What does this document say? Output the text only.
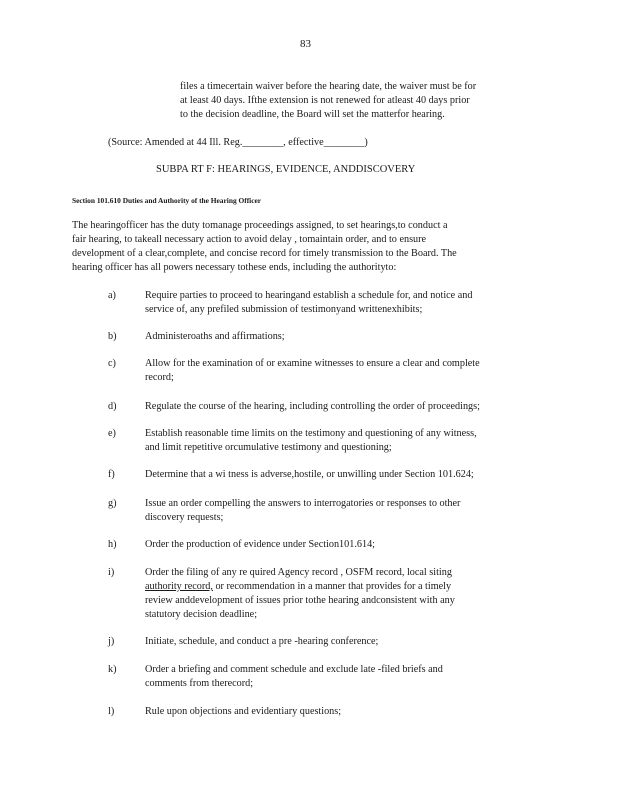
83
files a timecertain waiver before the hearing date, the waiver must be for
at least 40 days. Ifthe extension is not renewed for atleast 40 days prior
to the decision deadline, the Board will set the matterfor hearing.
(Source: Amended at 44 Ill. Reg.________, effective________)
SUBPA RT F: HEARINGS, EVIDENCE, ANDDISCOVERY
Section 101.610 Duties and Authority of the Hearing Officer
The hearingofficer has the duty tomanage proceedings assigned, to set hearings,to conduct a
fair hearing, to takeall necessary action to avoid delay , tomaintain order, and to ensure
development of a clear,complete, and concise record for timely transmission to the Board. The
hearing officer has all powers necessary tothese ends, including the authorityto:
a)	Require parties to proceed to hearingand establish a schedule for, and notice and
service of, any prefiled submission of testimonyand writtenexhibits;
b)	Administeroaths and affirmations;
c)	Allow for the examination of or examine witnesses to ensure a clear and complete
record;
d)	Regulate the course of the hearing, including controlling the order of proceedings;
e)	Establish reasonable time limits on the testimony and questioning of any witness,
and limit repetitive orcumulative testimony and questioning;
f)	Determine that a wi tness is adverse,hostile, or unwilling under Section 101.624;
g)	Issue an order compelling the answers to interrogatories or responses to other
discovery requests;
h)	Order the production of evidence under Section101.614;
i)	Order the filing of any re quired Agency record , OSFM record, local siting
authority record, or recommendation in a manner that provides for a timely
review anddevelopment of issues prior tothe hearing andconsistent with any
statutory decision deadline;
j)	Initiate, schedule, and conduct a pre -hearing conference;
k)	Order a briefing and comment schedule and exclude late -filed briefs and
comments from therecord;
l)	Rule upon objections and evidentiary questions;
